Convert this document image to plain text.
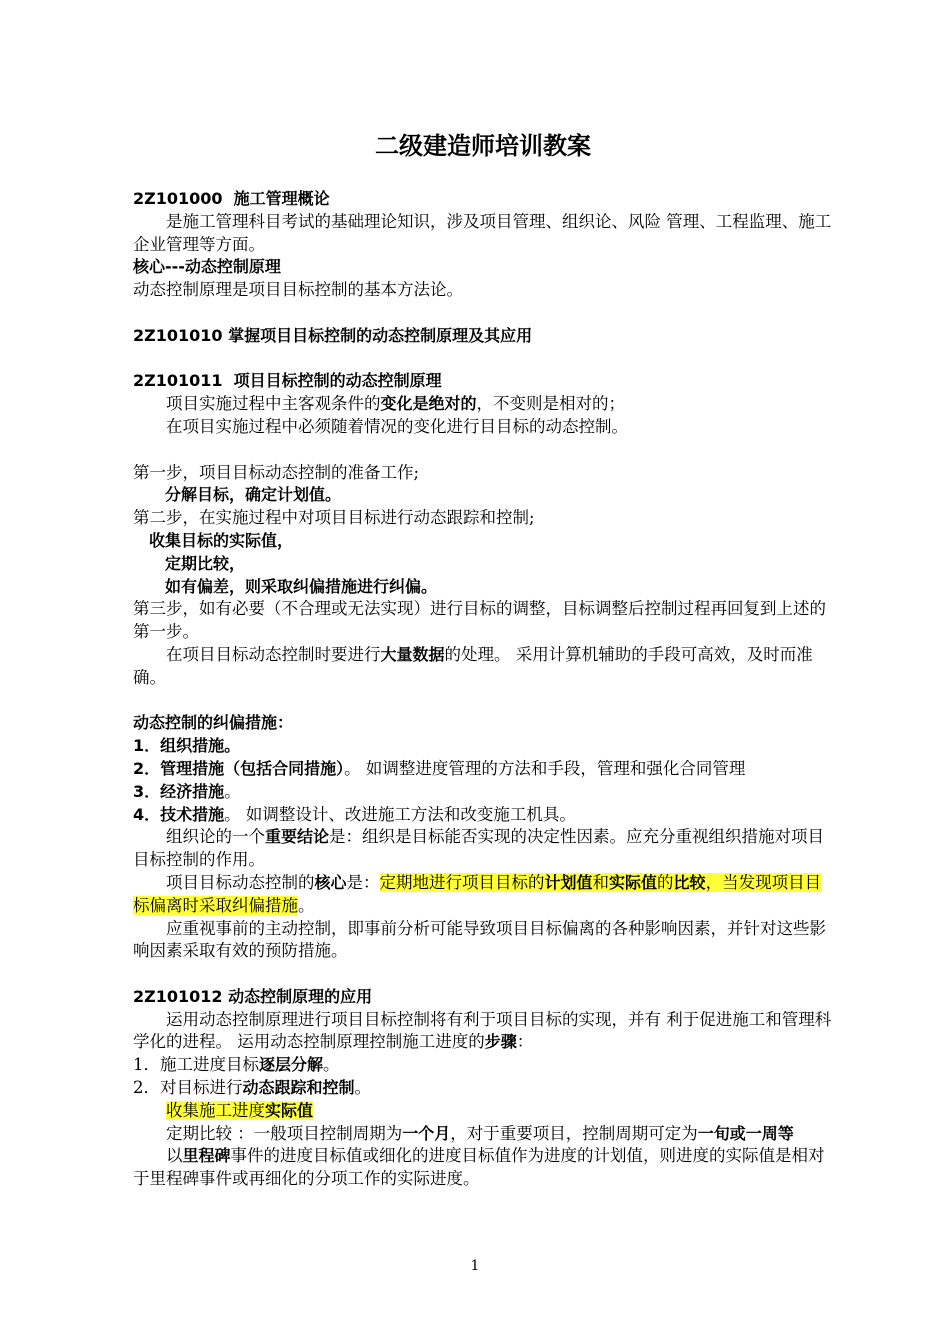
二级建造师培训教案

2Z101000  施工管理概论

是施工管理科目考试的基础理论知识，涉及项目管理、组织论、风险 管理、工程监理、施工企业管理等方面。

核心---动态控制原理

动态控制原理是项目目标控制的基本方法论。

2Z101010 掌握项目目标控制的动态控制原理及其应用

2Z101011  项目目标控制的动态控制原理

项目实施过程中主客观条件的变化是绝对的，不变则是相对的；

在项目实施过程中必须随着情况的变化进行目目标的动态控制。

第一步，项目目标动态控制的准备工作;

分解目标，确定计划值。

第二步，在实施过程中对项目目标进行动态跟踪和控制;

收集目标的实际值，

定期比较，

如有偏差，则采取纠偏措施进行纠偏。

第三步，如有必要（不合理或无法实现）进行目标的调整，目标调整后控制过程再回复到上述的第一步。

在项目目标动态控制时要进行大量数据的处理。 采用计算机辅助的手段可高效，及时而准确。

动态控制的纠偏措施：

1．组织措施。

2．管理措施（包括合同措施）。 如调整进度管理的方法和手段，管理和强化合同管理

3．经济措施。

4．技术措施。 如调整设计、改进施工方法和改变施工机具。

组织论的一个重要结论是：组织是目标能否实现的决定性因素。应充分重视组织措施对项目目标控制的作用。

项目目标动态控制的核心是：定期地进行项目目标的计划值和实际值的比较，当发现项目目标偏离时采取纠偏措施。

应重视事前的主动控制，即事前分析可能导致项目目标偏离的各种影响因素，并针对这些影响因素采取有效的预防措施。

2Z101012 动态控制原理的应用

运用动态控制原理进行项目目标控制将有利于项目目标的实现，并有 利于促进施工和管理科学化的进程。 运用动态控制原理控制施工进度的步骤：

1．施工进度目标逐层分解。

2．对目标进行动态跟踪和控制。

收集施工进度实际值

定期比较 ：一般项目控制周期为一个月，对于重要项目，控制周期可定为一旬或一周等

以里程碑事件的进度目标值或细化的进度目标值作为进度的计划值，则进度的实际值是相对于里程碑事件或再细化的分项工作的实际进度。

1
